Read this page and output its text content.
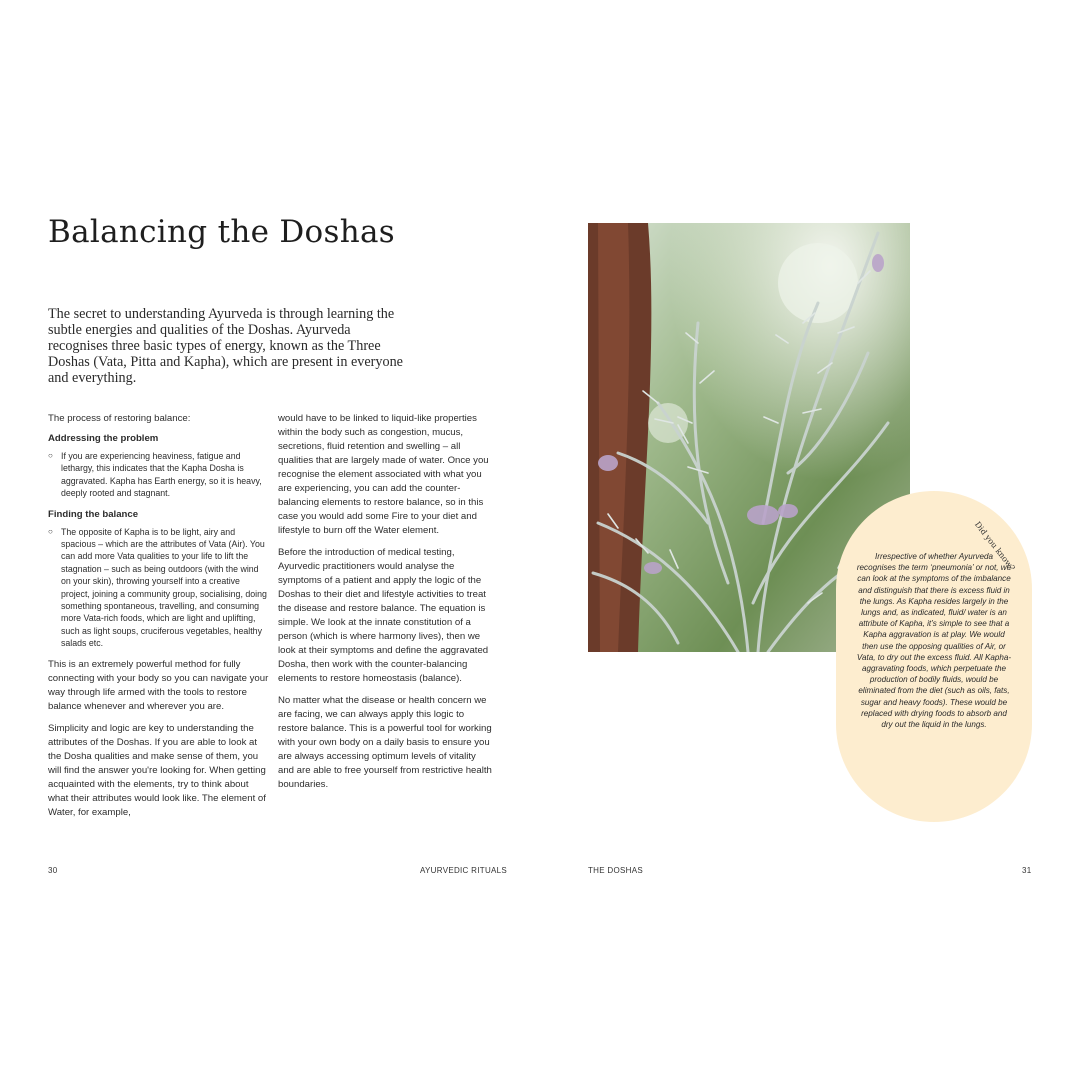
Balancing the Doshas

The secret to understanding Ayurveda is through learning the subtle energies and qualities of the Doshas. Ayurveda recognises three basic types of energy, known as the Three Doshas (Vata, Pitta and Kapha), which are present in everyone and everything.

The process of restoring balance:

Addressing the problem

○ If you are experiencing heaviness, fatigue and lethargy, this indicates that the Kapha Dosha is aggravated. Kapha has Earth energy, so it is heavy, deeply rooted and stagnant.

Finding the balance

○ The opposite of Kapha is to be light, airy and spacious – which are the attributes of Vata (Air). You can add more Vata qualities to your life to lift the stagnation – such as being outdoors (with the wind on your skin), throwing yourself into a creative project, joining a community group, socialising, doing something spontaneous, travelling, and consuming more Vata-rich foods, which are light and uplifting, such as light soups, cruciferous vegetables, healthy salads etc.

This is an extremely powerful method for fully connecting with your body so you can navigate your way through life armed with the tools to restore balance whenever and wherever you are.

Simplicity and logic are key to understanding the attributes of the Doshas. If you are able to look at the Dosha qualities and make sense of them, you will find the answer you're looking for. When getting acquainted with the elements, try to think about what their attributes would look like. The element of Water, for example,

would have to be linked to liquid-like properties within the body such as congestion, mucus, secretions, fluid retention and swelling – all qualities that are largely made of water. Once you recognise the element associated with what you are experiencing, you can add the counter-balancing elements to restore balance, so in this case you would add some Fire to your diet and lifestyle to burn off the Water element.

Before the introduction of medical testing, Ayurvedic practitioners would analyse the symptoms of a patient and apply the logic of the Doshas to their diet and lifestyle activities to treat the disease and restore balance. The equation is simple. We look at the innate constitution of a person (which is where harmony lives), then we look at their symptoms and define the aggravated Dosha, then work with the counter-balancing elements to restore homeostasis (balance).

No matter what the disease or health concern we are facing, we can always apply this logic to restore balance. This is a powerful tool for working with your own body on a daily basis to ensure you are always accessing optimum levels of vitality and are able to free yourself from restrictive health boundaries.

Did you know?

Irrespective of whether Ayurveda recognises the term ‘pneumonia’ or not, we can look at the symptoms of the imbalance and distinguish that there is excess fluid in the lungs. As Kapha resides largely in the lungs and, as indicated, fluid/ water is an attribute of Kapha, it’s simple to see that a Kapha aggravation is at play. We would then use the opposing qualities of Air, or Vata, to dry out the excess fluid. All Kapha-aggravating foods, which perpetuate the production of bodily fluids, would be eliminated from the diet (such as oils, fats, sugar and heavy foods). These would be replaced with drying foods to absorb and dry out the liquid in the lungs.

30	AYURVEDIC RITUALS	THE DOSHAS	31
